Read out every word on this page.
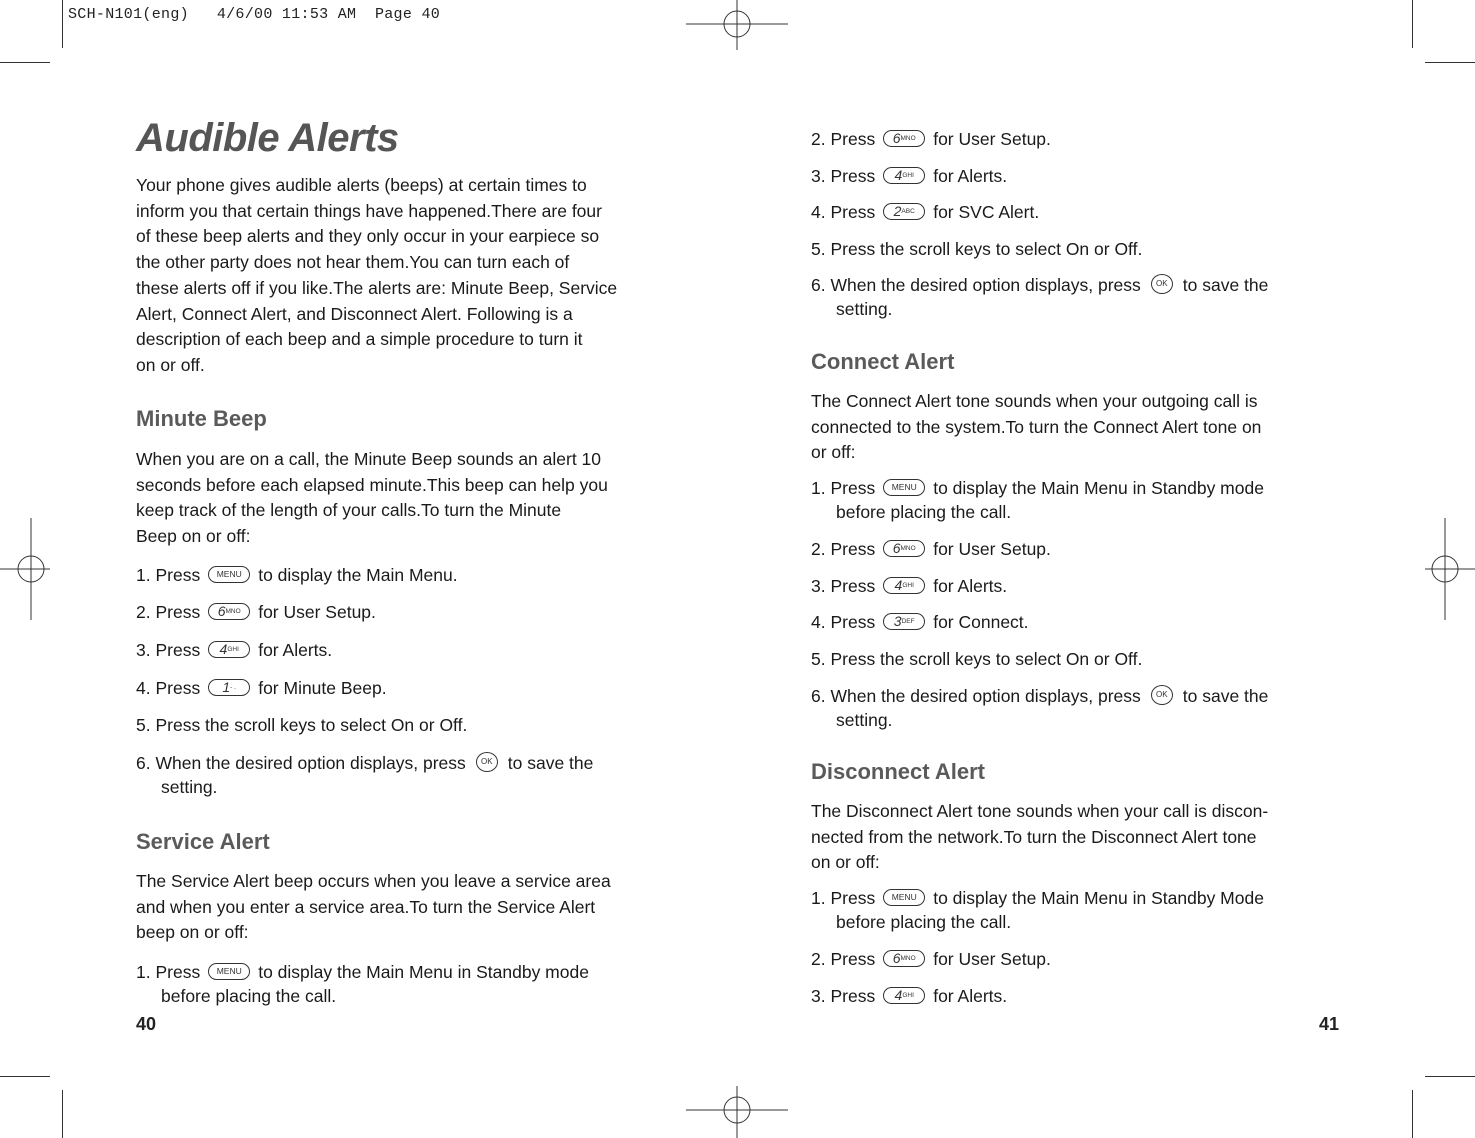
SCH-N101(eng)   4/6/00 11:53 AM  Page 40
Audible Alerts

Your phone gives audible alerts (beeps) at certain times to
inform you that certain things have happened.There are four
of these beep alerts and they only occur in your earpiece so
the other party does not hear them.You can turn each of
these alerts off if you like.The alerts are: Minute Beep, Service
Alert, Connect Alert, and Disconnect Alert. Following is a
description of each beep and a simple procedure to turn it
on or off.

Minute Beep

When you are on a call, the Minute Beep sounds an alert 10
seconds before each elapsed minute.This beep can help you
keep track of the length of your calls.To turn the Minute
Beep on or off:

1. Press MENU to display the Main Menu.

2. Press 6MNO for User Setup.

3. Press 4GHI for Alerts.

4. Press 1- . for Minute Beep.

5. Press the scroll keys to select On or Off.

6. When the desired option displays, press OK to save the
setting.

Service Alert

The Service Alert beep occurs when you leave a service area
and when you enter a service area.To turn the Service Alert
beep on or off:

1. Press MENU to display the Main Menu in Standby mode
before placing the call.

40

2. Press 6MNO for User Setup.

3. Press 4GHI for Alerts.

4. Press 2ABC for SVC Alert.

5. Press the scroll keys to select On or Off.

6. When the desired option displays, press OK to save the
setting.

Connect Alert

The Connect Alert tone sounds when your outgoing call is
connected to the system.To turn the Connect Alert tone on
or off:

1. Press MENU to display the Main Menu in Standby mode
before placing the call.

2. Press 6MNO for User Setup.

3. Press 4GHI for Alerts.

4. Press 3DEF for Connect.

5. Press the scroll keys to select On or Off.

6. When the desired option displays, press OK to save the
setting.

Disconnect Alert

The Disconnect Alert tone sounds when your call is discon-
nected from the network.To turn the Disconnect Alert tone
on or off:

1. Press MENU to display the Main Menu in Standby Mode
before placing the call.

2. Press 6MNO for User Setup.

3. Press 4GHI for Alerts.

41
